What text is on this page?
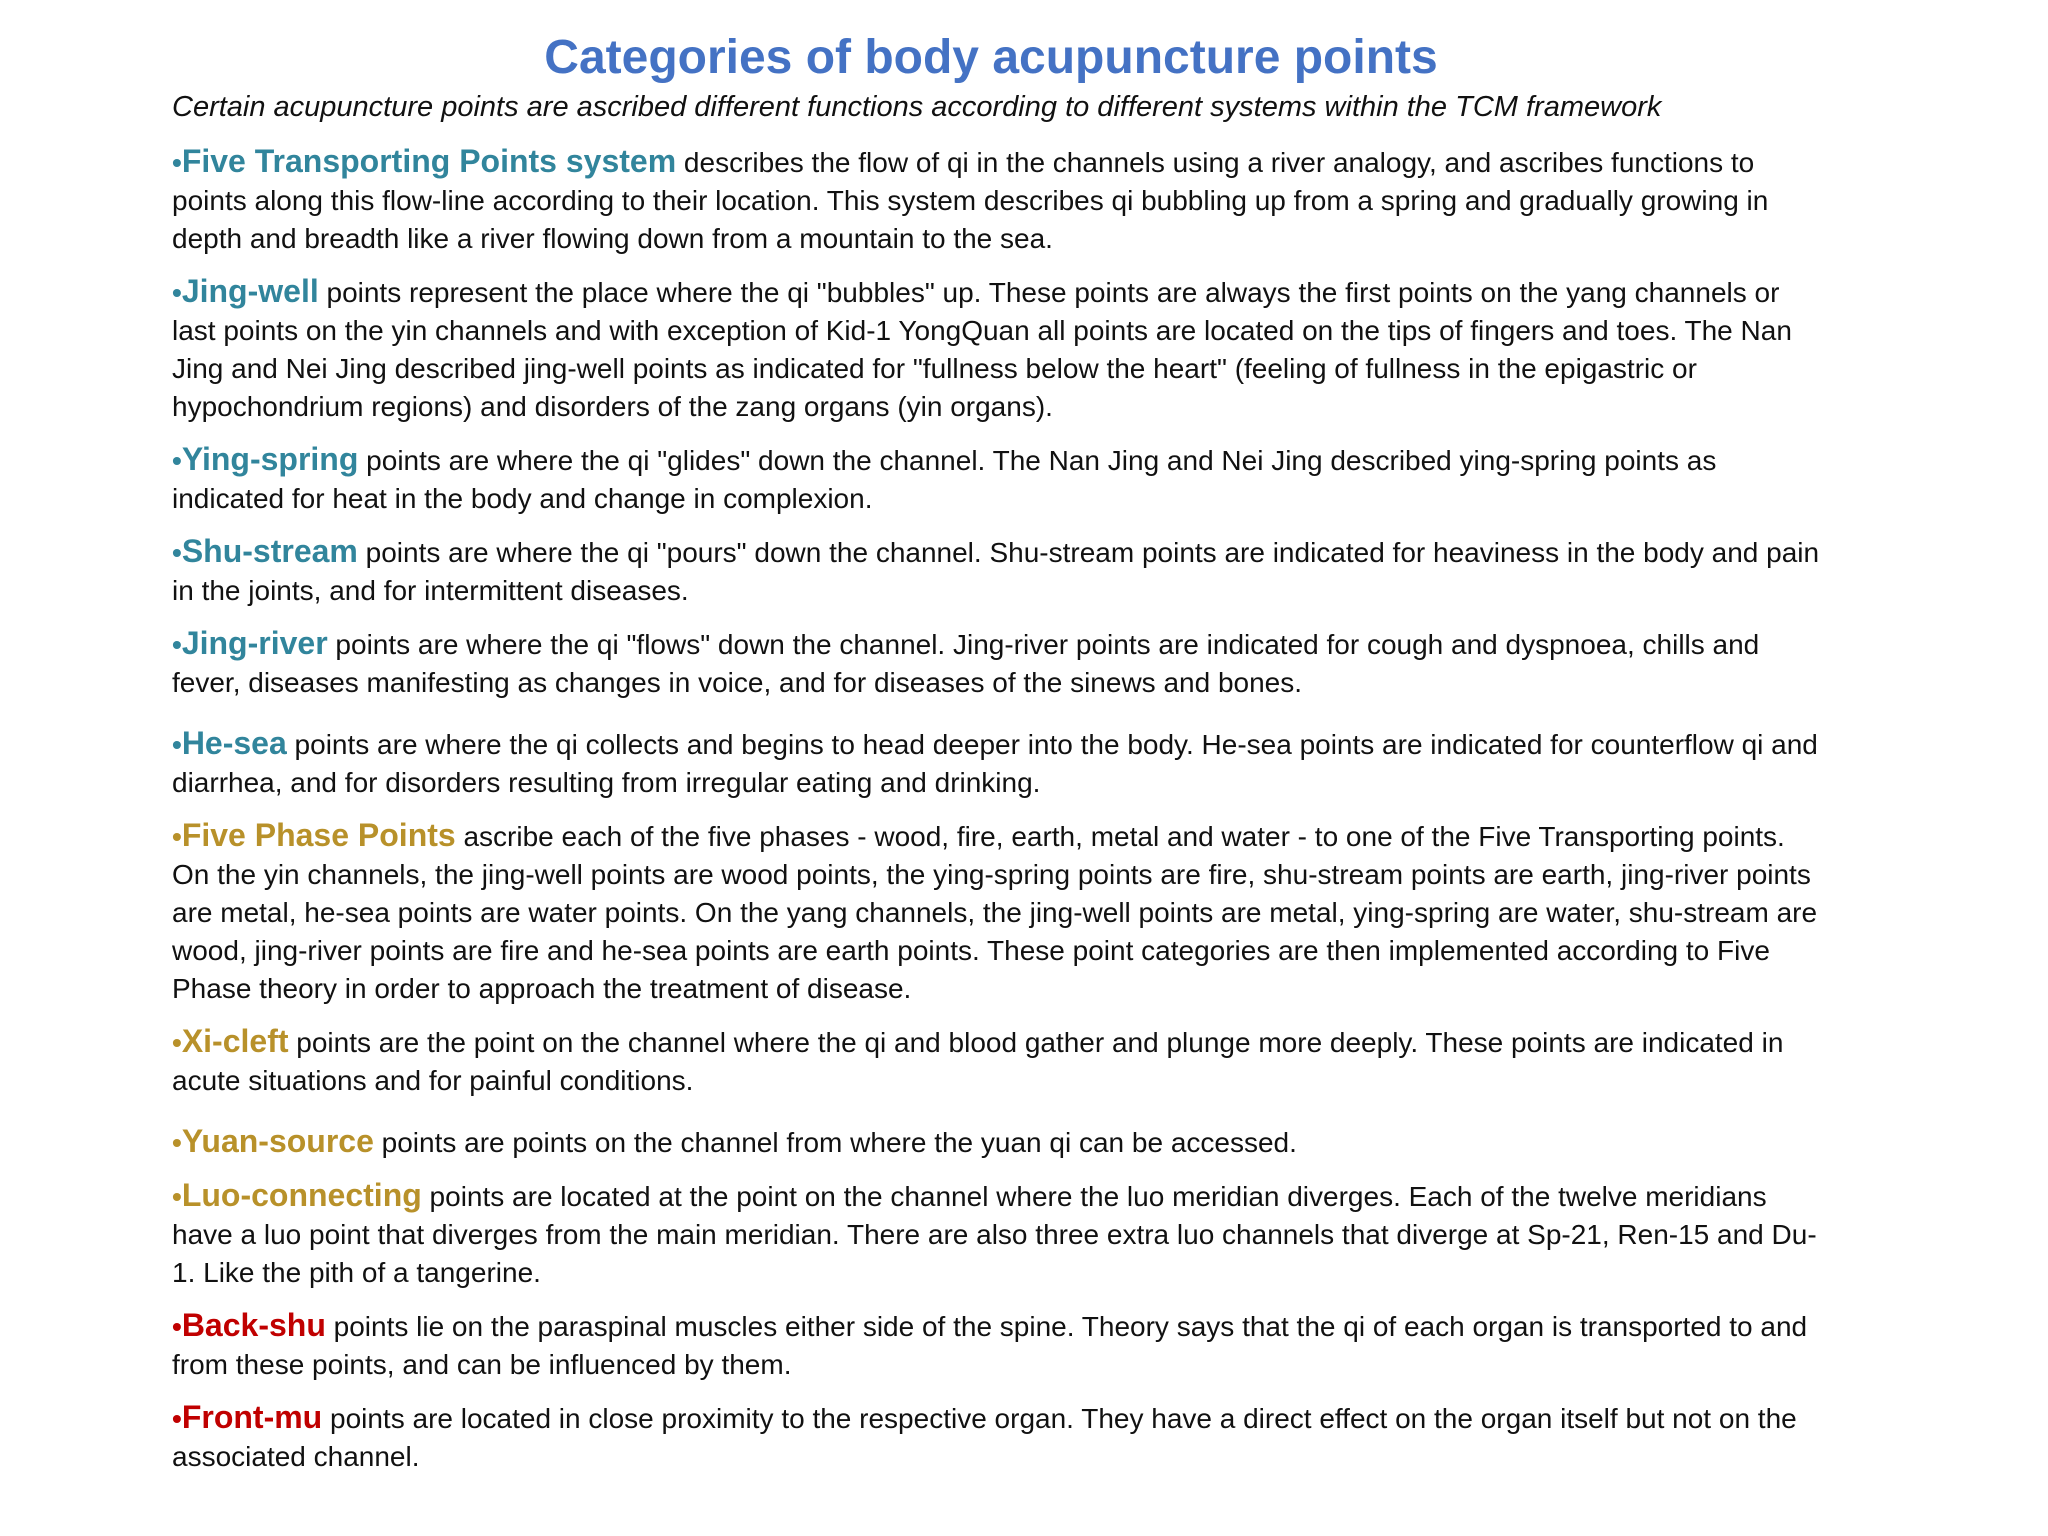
Categories of body acupuncture points

Certain acupuncture points are ascribed different functions according to different systems within the TCM framework

•Five Transporting Points system describes the flow of qi in the channels using a river analogy, and ascribes functions to points along this flow-line according to their location. This system describes qi bubbling up from a spring and gradually growing in depth and breadth like a river flowing down from a mountain to the sea.
•Jing-well points represent the place where the qi "bubbles" up. These points are always the first points on the yang channels or last points on the yin channels and with exception of Kid-1 YongQuan all points are located on the tips of fingers and toes. The Nan Jing and Nei Jing described jing-well points as indicated for "fullness below the heart" (feeling of fullness in the epigastric or hypochondrium regions) and disorders of the zang organs (yin organs).
•Ying-spring points are where the qi "glides" down the channel. The Nan Jing and Nei Jing described ying-spring points as indicated for heat in the body and change in complexion.
•Shu-stream points are where the qi "pours" down the channel. Shu-stream points are indicated for heaviness in the body and pain in the joints, and for intermittent diseases.
•Jing-river points are where the qi "flows" down the channel. Jing-river points are indicated for cough and dyspnoea, chills and fever, diseases manifesting as changes in voice, and for diseases of the sinews and bones.
•He-sea points are where the qi collects and begins to head deeper into the body. He-sea points are indicated for counterflow qi and diarrhea, and for disorders resulting from irregular eating and drinking.
•Five Phase Points ascribe each of the five phases - wood, fire, earth, metal and water - to one of the Five Transporting points. On the yin channels, the jing-well points are wood points, the ying-spring points are fire, shu-stream points are earth, jing-river points are metal, he-sea points are water points. On the yang channels, the jing-well points are metal, ying-spring are water, shu-stream are wood, jing-river points are fire and he-sea points are earth points. These point categories are then implemented according to Five Phase theory in order to approach the treatment of disease.
•Xi-cleft points are the point on the channel where the qi and blood gather and plunge more deeply. These points are indicated in acute situations and for painful conditions.
•Yuan-source points are points on the channel from where the yuan qi can be accessed.
•Luo-connecting points are located at the point on the channel where the luo meridian diverges. Each of the twelve meridians have a luo point that diverges from the main meridian. There are also three extra luo channels that diverge at Sp-21, Ren-15 and Du-1. Like the pith of a tangerine.
•Back-shu points lie on the paraspinal muscles either side of the spine. Theory says that the qi of each organ is transported to and from these points, and can be influenced by them.
•Front-mu points are located in close proximity to the respective organ. They have a direct effect on the organ itself but not on the associated channel.
